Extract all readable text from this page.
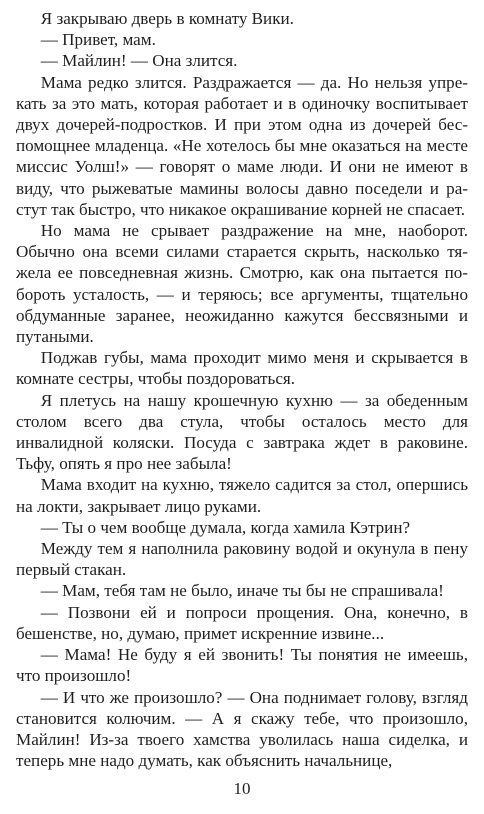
Я закрываю дверь в комнату Вики.

— Привет, мам.

— Майлин! — Она злится.

Мама редко злится. Раздражается — да. Но нельзя упрекать за это мать, которая работает и в одиночку воспитывает двух дочерей-подростков. И при этом одна из дочерей беспомощнее младенца. «Не хотелось бы мне оказаться на месте миссис Уолш!» — говорят о маме люди. И они не имеют в виду, что рыжеватые мамины волосы давно поседели и растут так быстро, что никакое окрашивание корней не спасает.

Но мама не срывает раздражение на мне, наоборот. Обычно она всеми силами старается скрыть, насколько тяжела ее повседневная жизнь. Смотрю, как она пытается побороть усталость, — и теряюсь; все аргументы, тщательно обдуманные заранее, неожиданно кажутся бессвязными и путаными.

Поджав губы, мама проходит мимо меня и скрывается в комнате сестры, чтобы поздороваться.

Я плетусь на нашу крошечную кухню — за обеденным столом всего два стула, чтобы осталось место для инвалидной коляски. Посуда с завтрака ждет в раковине. Тьфу, опять я про нее забыла!

Мама входит на кухню, тяжело садится за стол, опершись на локти, закрывает лицо руками.

— Ты о чем вообще думала, когда хамила Кэтрин?

Между тем я наполнила раковину водой и окунула в пену первый стакан.

— Мам, тебя там не было, иначе ты бы не спрашивала!

— Позвони ей и попроси прощения. Она, конечно, в бешенстве, но, думаю, примет искренние извине...

— Мама! Не буду я ей звонить! Ты понятия не имеешь, что произошло!

— И что же произошло? — Она поднимает голову, взгляд становится колючим. — А я скажу тебе, что произошло, Майлин! Из-за твоего хамства уволилась наша сиделка, и теперь мне надо думать, как объяснить начальнице,

10
